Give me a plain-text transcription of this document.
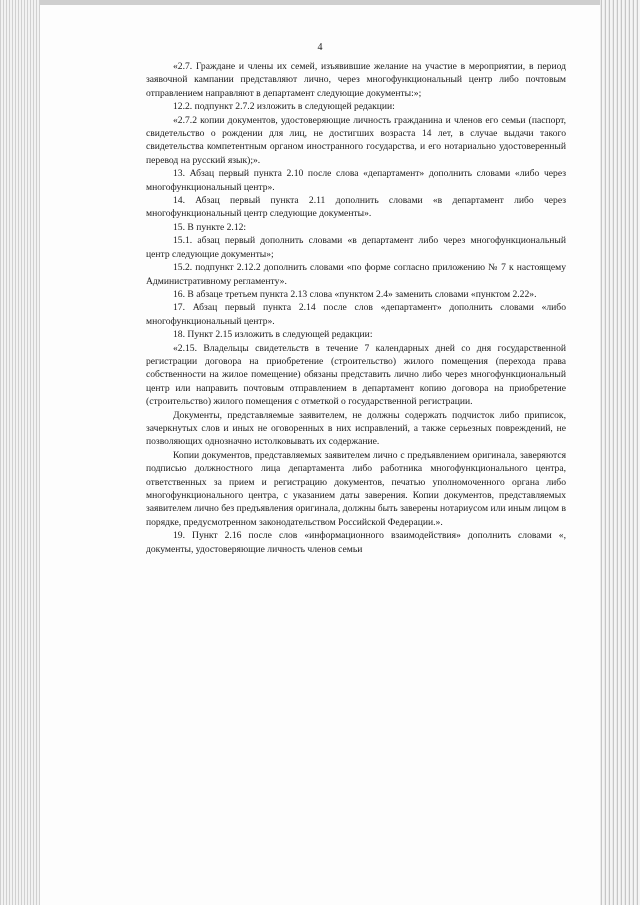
4

«2.7. Граждане и члены их семей, изъявившие желание на участие в мероприятии, в период заявочной кампании представляют лично, через многофункциональный центр либо почтовым отправлением направляют в департамент следующие документы:»;

12.2. подпункт 2.7.2 изложить в следующей редакции:

«2.7.2 копии документов, удостоверяющие личность гражданина и членов его семьи (паспорт, свидетельство о рождении для лиц, не достигших возраста 14 лет, в случае выдачи такого свидетельства компетентным органом иностранного государства, и его нотариально удостоверенный перевод на русский язык);».

13. Абзац первый пункта 2.10 после слова «департамент» дополнить словами «либо через многофункциональный центр».

14. Абзац первый пункта 2.11 дополнить словами «в департамент либо через многофункциональный центр следующие документы».

15. В пункте 2.12:

15.1. абзац первый дополнить словами «в департамент либо через многофункциональный центр следующие документы»;

15.2. подпункт 2.12.2 дополнить словами «по форме согласно приложению № 7 к настоящему Административному регламенту».

16. В абзаце третьем пункта 2.13 слова «пунктом 2.4» заменить словами «пунктом 2.22».

17. Абзац первый пункта 2.14 после слов «департамент» дополнить словами «либо многофункциональный центр».

18. Пункт 2.15 изложить в следующей редакции:

«2.15. Владельцы свидетельств в течение 7 календарных дней со дня государственной регистрации договора на приобретение (строительство) жилого помещения (перехода права собственности на жилое помещение) обязаны представить лично либо через многофункциональный центр или направить почтовым отправлением в департамент копию договора на приобретение (строительство) жилого помещения с отметкой о государственной регистрации.

Документы, представляемые заявителем, не должны содержать подчисток либо приписок, зачеркнутых слов и иных не оговоренных в них исправлений, а также серьезных повреждений, не позволяющих однозначно истолковывать их содержание.

Копии документов, представляемых заявителем лично с предъявлением оригинала, заверяются подписью должностного лица департамента либо работника многофункционального центра, ответственных за прием и регистрацию документов, печатью уполномоченного органа либо многофункционального центра, с указанием даты заверения. Копии документов, представляемых заявителем лично без предъявления оригинала, должны быть заверены нотариусом или иным лицом в порядке, предусмотренном законодательством Российской Федерации.».

19. Пункт 2.16 после слов «информационного взаимодействия» дополнить словами «, документы, удостоверяющие личность членов семьи
